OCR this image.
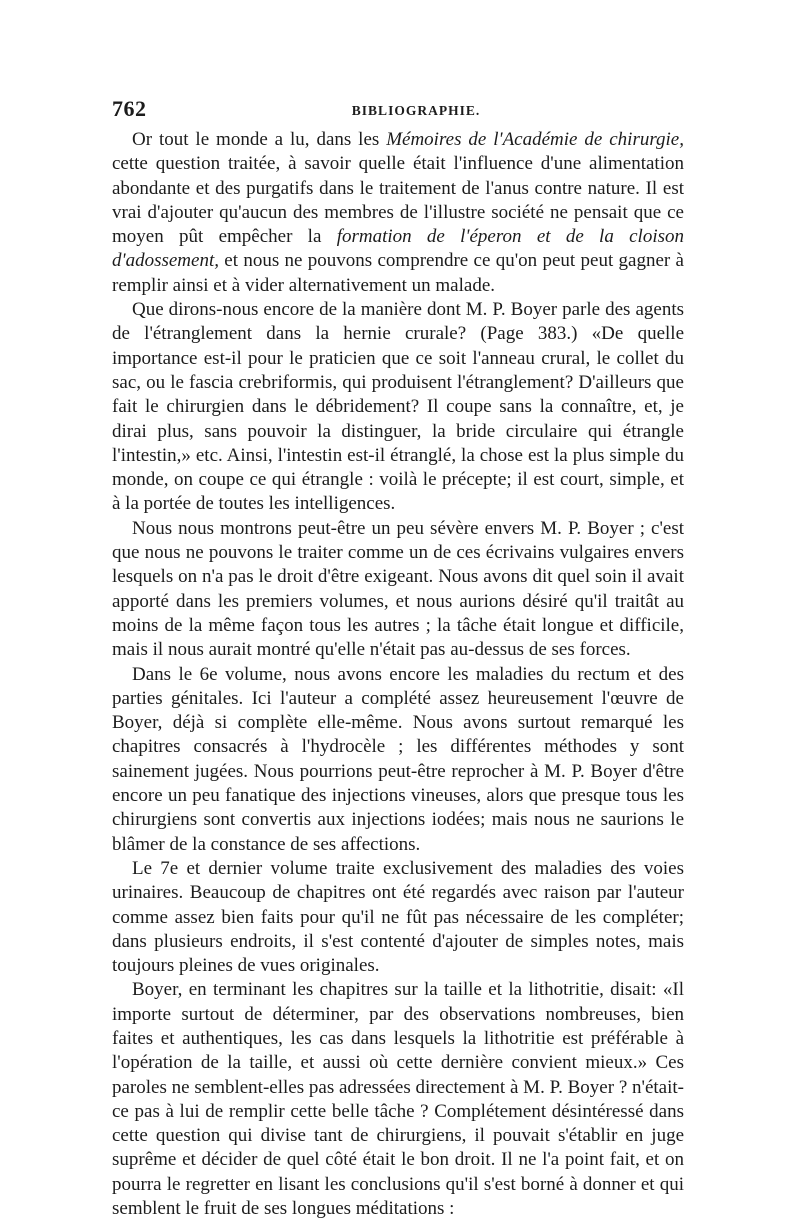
762	BIBLIOGRAPHIE.

Or tout le monde a lu, dans les Mémoires de l'Académie de chirurgie, cette question traitée, à savoir quelle était l'influence d'une alimentation abondante et des purgatifs dans le traitement de l'anus contre nature. Il est vrai d'ajouter qu'aucun des membres de l'illustre société ne pensait que ce moyen pût empêcher la formation de l'éperon et de la cloison d'adossement, et nous ne pouvons comprendre ce qu'on peut peut gagner à remplir ainsi et à vider alternativement un malade.

Que dirons-nous encore de la manière dont M. P. Boyer parle des agents de l'étranglement dans la hernie crurale? (Page 383.) «De quelle importance est-il pour le praticien que ce soit l'anneau crural, le collet du sac, ou le fascia crebriformis, qui produisent l'étranglement? D'ailleurs que fait le chirurgien dans le débridement? Il coupe sans la connaître, et, je dirai plus, sans pouvoir la distinguer, la bride circulaire qui étrangle l'intestin,» etc. Ainsi, l'intestin est-il étranglé, la chose est la plus simple du monde, on coupe ce qui étrangle : voilà le précepte; il est court, simple, et à la portée de toutes les intelligences.

Nous nous montrons peut-être un peu sévère envers M. P. Boyer ; c'est que nous ne pouvons le traiter comme un de ces écrivains vulgaires envers lesquels on n'a pas le droit d'être exigeant. Nous avons dit quel soin il avait apporté dans les premiers volumes, et nous aurions désiré qu'il traitât au moins de la même façon tous les autres ; la tâche était longue et difficile, mais il nous aurait montré qu'elle n'était pas au-dessus de ses forces.

Dans le 6e volume, nous avons encore les maladies du rectum et des parties génitales. Ici l'auteur a complété assez heureusement l'œuvre de Boyer, déjà si complète elle-même. Nous avons surtout remarqué les chapitres consacrés à l'hydrocèle ; les différentes méthodes y sont sainement jugées. Nous pourrions peut-être reprocher à M. P. Boyer d'être encore un peu fanatique des injections vineuses, alors que presque tous les chirurgiens sont convertis aux injections iodées; mais nous ne saurions le blâmer de la constance de ses affections.

Le 7e et dernier volume traite exclusivement des maladies des voies urinaires. Beaucoup de chapitres ont été regardés avec raison par l'auteur comme assez bien faits pour qu'il ne fût pas nécessaire de les compléter; dans plusieurs endroits, il s'est contenté d'ajouter de simples notes, mais toujours pleines de vues originales.

Boyer, en terminant les chapitres sur la taille et la lithotritie, disait: «Il importe surtout de déterminer, par des observations nombreuses, bien faites et authentiques, les cas dans lesquels la lithotritie est préférable à l'opération de la taille, et aussi où cette dernière convient mieux.» Ces paroles ne semblent-elles pas adressées directement à M. P. Boyer ? n'était-ce pas à lui de remplir cette belle tâche ? Complétement désintéressé dans cette question qui divise tant de chirurgiens, il pouvait s'établir en juge suprême et décider de quel côté était le bon droit. Il ne l'a point fait, et on pourra le regretter en lisant les conclusions qu'il s'est borné à donner et qui semblent le fruit de ses longues méditations :
